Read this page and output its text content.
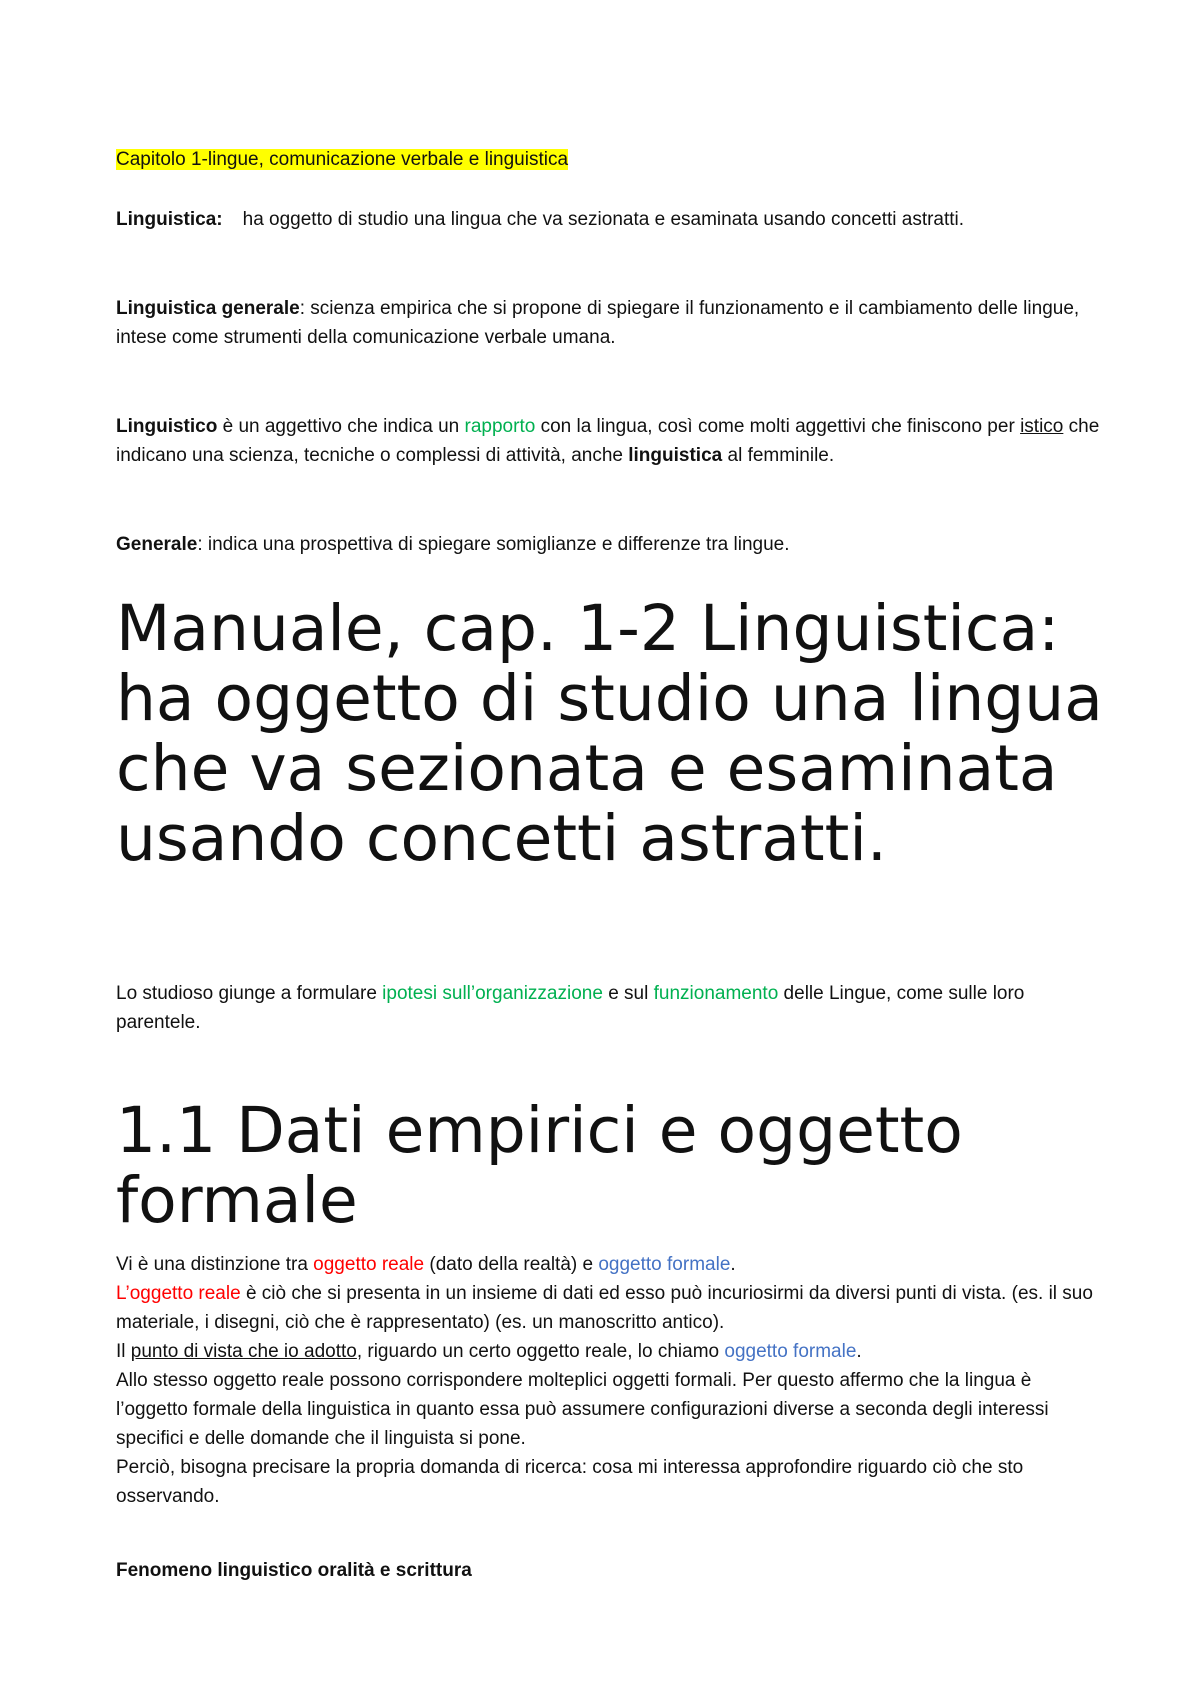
Capitolo 1-lingue, comunicazione verbale e linguistica

Linguistica: ha oggetto di studio una lingua che va sezionata e esaminata usando concetti astratti.

Linguistica generale: scienza empirica che si propone di spiegare il funzionamento e il cambiamento delle lingue, intese come strumenti della comunicazione verbale umana.

Linguistico è un aggettivo che indica un rapporto con la lingua, così come molti aggettivi che finiscono per istico che indicano una scienza, tecniche o complessi di attività, anche linguistica al femminile.

Generale: indica una prospettiva di spiegare somiglianze e differenze tra lingue.

Manuale, cap. 1-2 Linguistica: ha oggetto di studio una lingua che va sezionata e esaminata usando concetti astratti.

Lo studioso giunge a formulare ipotesi sull’organizzazione e sul funzionamento delle Lingue, come sulle loro parentele.

1.1 Dati empirici e oggetto formale
Vi è una distinzione tra oggetto reale (dato della realtà) e oggetto formale.
L’oggetto reale è ciò che si presenta in un insieme di dati ed esso può incuriosirmi da diversi punti di vista. (es. il suo materiale, i disegni, ciò che è rappresentato) (es. un manoscritto antico).
Il punto di vista che io adotto, riguardo un certo oggetto reale, lo chiamo oggetto formale.
Allo stesso oggetto reale possono corrispondere molteplici oggetti formali. Per questo affermo che la lingua è l’oggetto formale della linguistica in quanto essa può assumere configurazioni diverse a seconda degli interessi specifici e delle domande che il linguista si pone.
Perciò, bisogna precisare la propria domanda di ricerca: cosa mi interessa approfondire riguardo ciò che sto osservando.

Fenomeno linguistico oralità e scrittura
